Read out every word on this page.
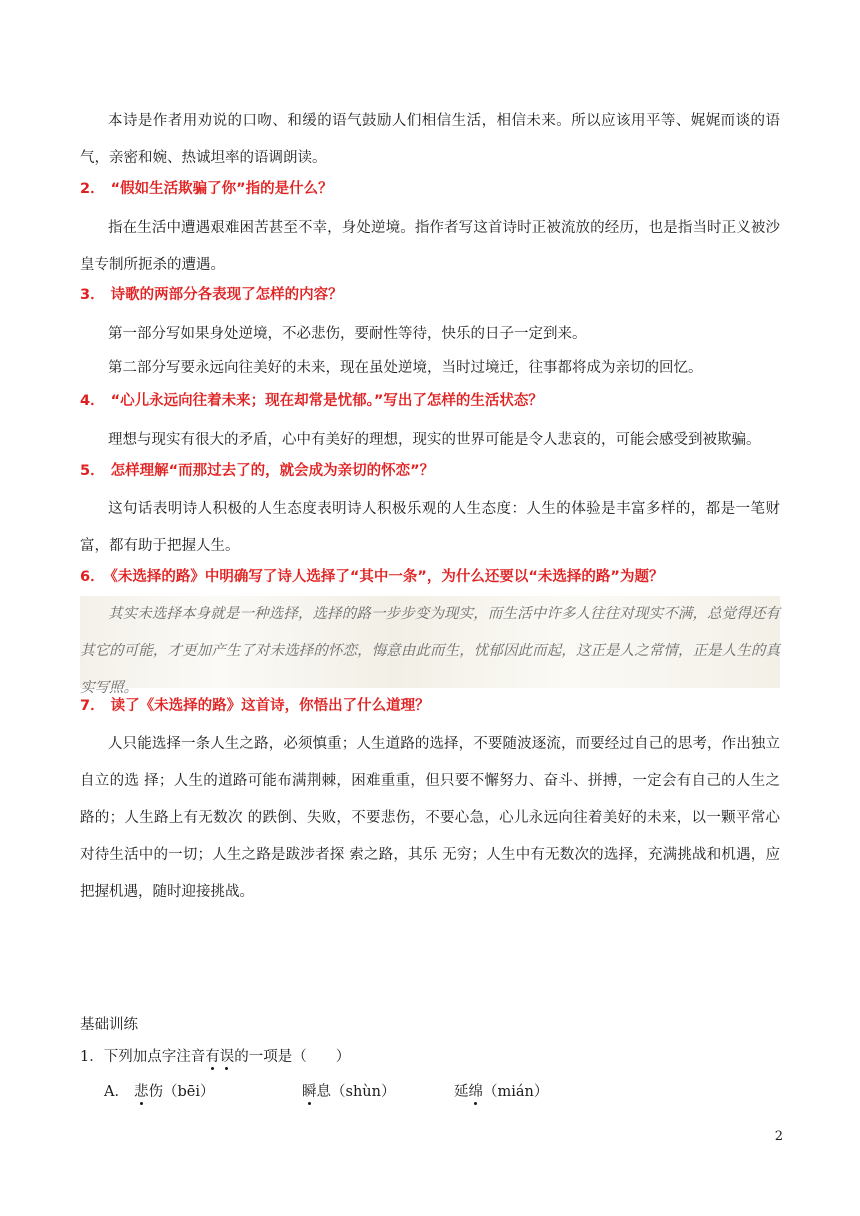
本诗是作者用劝说的口吻、和缓的语气鼓励人们相信生活，相信未来。所以应该用平等、娓娓而谈的语气，亲密和婉、热诚坦率的语调朗读。

2． “假如生活欺骗了你”指的是什么？

指在生活中遭遇艰难困苦甚至不幸，身处逆境。指作者写这首诗时正被流放的经历，也是指当时正义被沙皇专制所扼杀的遭遇。

3． 诗歌的两部分各表现了怎样的内容？

第一部分写如果身处逆境，不必悲伤，要耐性等待，快乐的日子一定到来。

第二部分写要永远向往美好的未来，现在虽处逆境，当时过境迁，往事都将成为亲切的回忆。

4． “心儿永远向往着未来；现在却常是忧郁。”写出了怎样的生活状态？

理想与现实有很大的矛盾，心中有美好的理想，现实的世界可能是令人悲哀的，可能会感受到被欺骗。

5． 怎样理解“而那过去了的，就会成为亲切的怀恋”？

这句话表明诗人积极的人生态度表明诗人积极乐观的人生态度：人生的体验是丰富多样的，都是一笔财富，都有助于把握人生。

6． 《未选择的路》中明确写了诗人选择了“其中一条”，为什么还要以“未选择的路”为题？

其实未选择本身就是一种选择，选择的路一步步变为现实，而生活中许多人往往对现实不满，总觉得还有其它的可能，才更加产生了对未选择的怀恋，悔意由此而生，忧郁因此而起，这正是人之常情，正是人生的真实写照。

7． 读了《未选择的路》这首诗，你悟出了什么道理？

人只能选择一条人生之路，必须慎重；人生道路的选择，不要随波逐流，而要经过自己的思考，作出独立自立的选 择；人生的道路可能布满荆棘，困难重重，但只要不懈努力、奋斗、拼搏，一定会有自己的人生之路的；人生路上有无数次 的跌倒、失败，不要悲伤，不要心急，心儿永远向往着美好的未来，以一颗平常心对待生活中的一切；人生之路是跋涉者探 索之路，其乐 无穷；人生中有无数次的选择，充满挑战和机遇，应把握机遇，随时迎接挑战。

基础训练

1．下列加点字注音有误的一项是（　　）

A． 悲伤（bēi）	瞬息（shùn）	延绵（mián）

2
